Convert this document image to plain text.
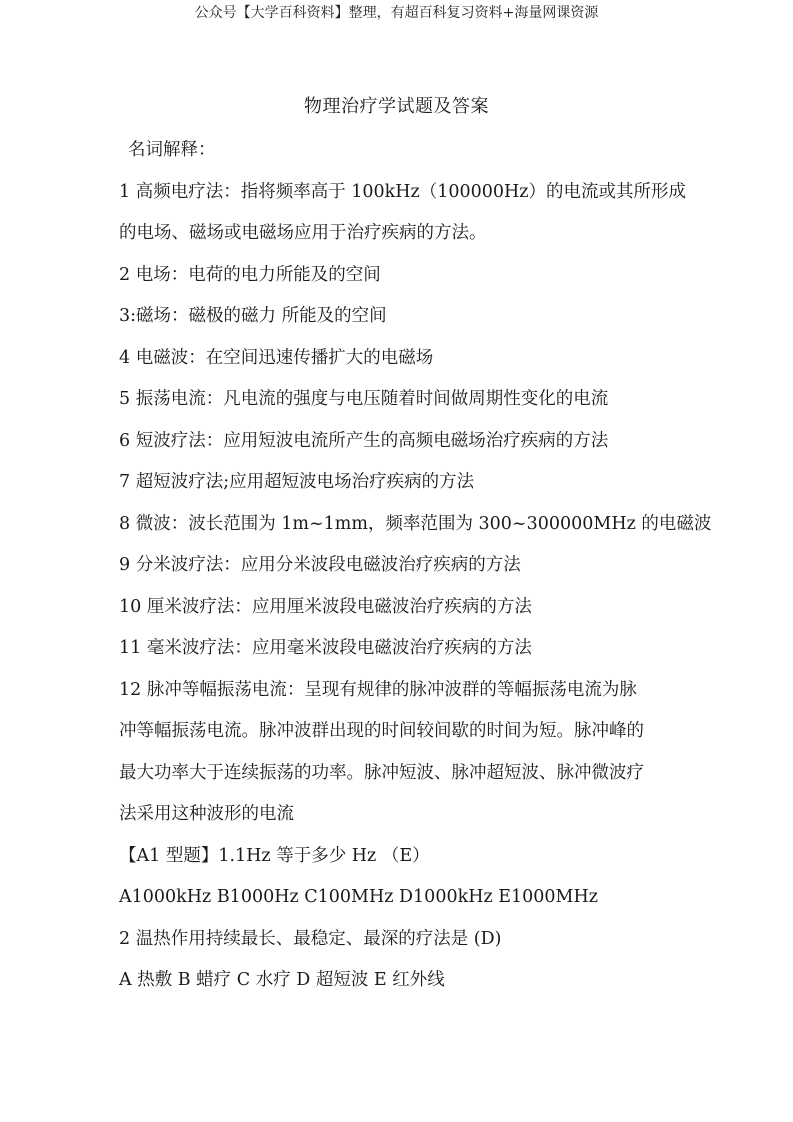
公众号【大学百科资料】整理，有超百科复习资料+海量网课资源
物理治疗学试题及答案
名词解释：
1 高频电疗法：指将频率高于 100kHz（100000Hz）的电流或其所形成
的电场、磁场或电磁场应用于治疗疾病的方法。
2 电场：电荷的电力所能及的空间
3:磁场：磁极的磁力 所能及的空间
4 电磁波：在空间迅速传播扩大的电磁场
5 振荡电流：凡电流的强度与电压随着时间做周期性变化的电流
6 短波疗法：应用短波电流所产生的高频电磁场治疗疾病的方法
7 超短波疗法;应用超短波电场治疗疾病的方法
8 微波：波长范围为 1m~1mm，频率范围为 300~300000MHz 的电磁波
9 分米波疗法：应用分米波段电磁波治疗疾病的方法
10 厘米波疗法：应用厘米波段电磁波治疗疾病的方法
11 毫米波疗法：应用毫米波段电磁波治疗疾病的方法
12 脉冲等幅振荡电流：呈现有规律的脉冲波群的等幅振荡电流为脉
冲等幅振荡电流。脉冲波群出现的时间较间歇的时间为短。脉冲峰的
最大功率大于连续振荡的功率。脉冲短波、脉冲超短波、脉冲微波疗
法采用这种波形的电流
【A1 型题】1.1Hz 等于多少 Hz （E）
A1000kHz B1000Hz C100MHz D1000kHz E1000MHz
2 温热作用持续最长、最稳定、最深的疗法是 (D)
A 热敷 B 蜡疗 C 水疗 D 超短波 E 红外线
